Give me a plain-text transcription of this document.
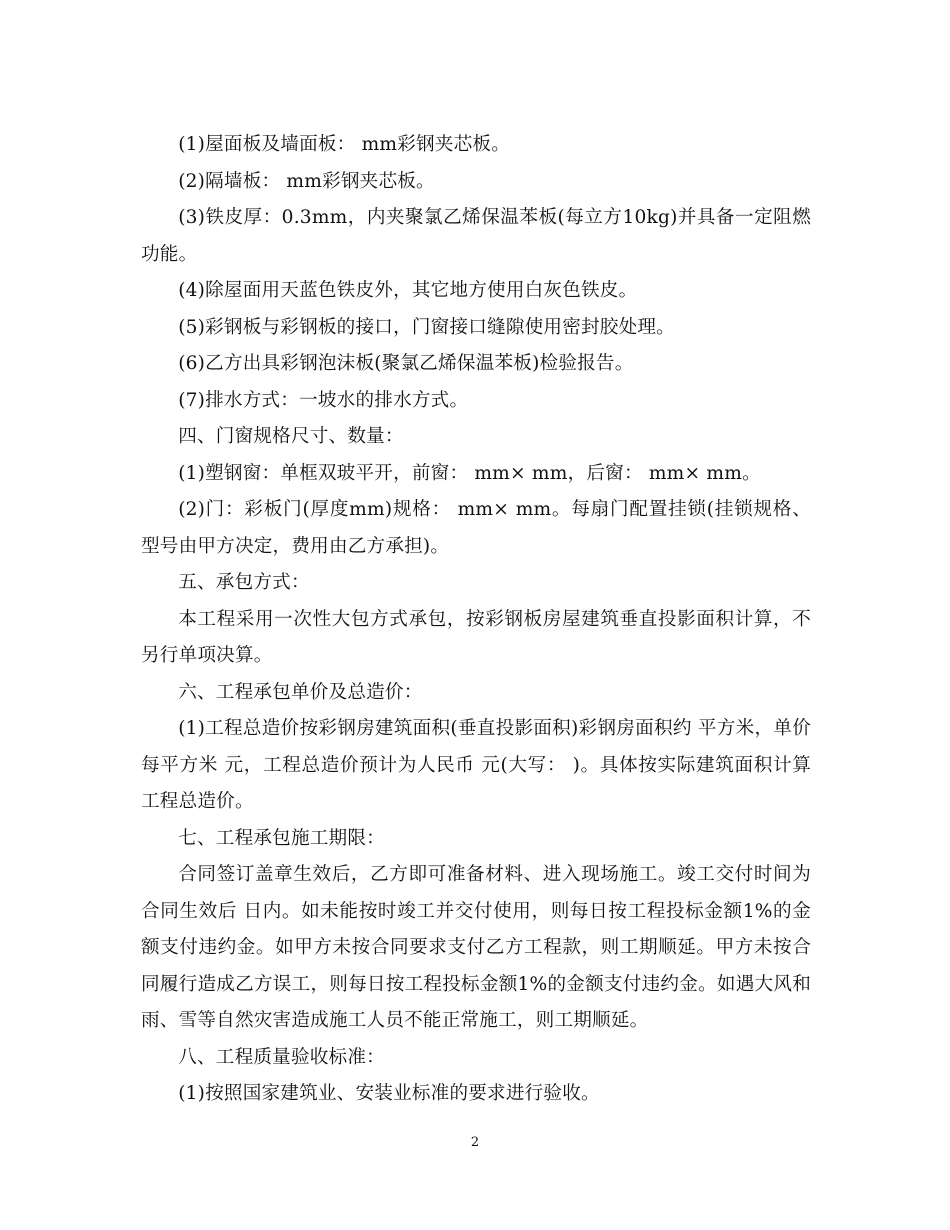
(1)屋面板及墙面板： mm彩钢夹芯板。

(2)隔墙板： mm彩钢夹芯板。

(3)铁皮厚：0.3mm，内夹聚氯乙烯保温苯板(每立方10kg)并具备一定阻燃功能。

(4)除屋面用天蓝色铁皮外，其它地方使用白灰色铁皮。

(5)彩钢板与彩钢板的接口，门窗接口缝隙使用密封胶处理。

(6)乙方出具彩钢泡沫板(聚氯乙烯保温苯板)检验报告。

(7)排水方式：一坡水的排水方式。

四、门窗规格尺寸、数量：

(1)塑钢窗：单框双玻平开，前窗： mm× mm，后窗： mm× mm。

(2)门：彩板门(厚度mm)规格： mm× mm。每扇门配置挂锁(挂锁规格、型号由甲方决定，费用由乙方承担)。

五、承包方式：

本工程采用一次性大包方式承包，按彩钢板房屋建筑垂直投影面积计算，不另行单项决算。

六、工程承包单价及总造价：

(1)工程总造价按彩钢房建筑面积(垂直投影面积)彩钢房面积约 平方米，单价每平方米 元，工程总造价预计为人民币 元(大写： )。具体按实际建筑面积计算工程总造价。

七、工程承包施工期限：

合同签订盖章生效后，乙方即可准备材料、进入现场施工。竣工交付时间为合同生效后 日内。如未能按时竣工并交付使用，则每日按工程投标金额1%的金额支付违约金。如甲方未按合同要求支付乙方工程款，则工期顺延。甲方未按合同履行造成乙方误工，则每日按工程投标金额1%的金额支付违约金。如遇大风和雨、雪等自然灾害造成施工人员不能正常施工，则工期顺延。

八、工程质量验收标准：

(1)按照国家建筑业、安装业标准的要求进行验收。

2
